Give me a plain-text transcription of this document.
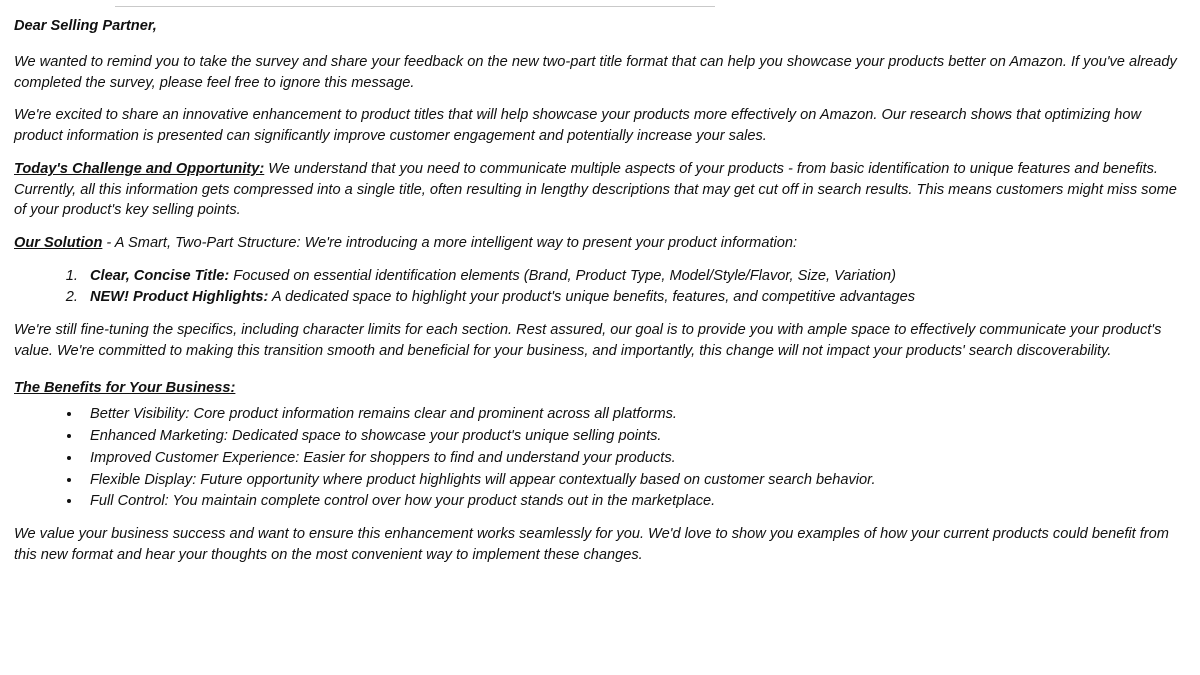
Dear Selling Partner,

We wanted to remind you to take the survey and share your feedback on the new two-part title format that can help you showcase your products better on Amazon. If you've already completed the survey, please feel free to ignore this message.

We're excited to share an innovative enhancement to product titles that will help showcase your products more effectively on Amazon. Our research shows that optimizing how product information is presented can significantly improve customer engagement and potentially increase your sales.

Today's Challenge and Opportunity: We understand that you need to communicate multiple aspects of your products - from basic identification to unique features and benefits. Currently, all this information gets compressed into a single title, often resulting in lengthy descriptions that may get cut off in search results. This means customers might miss some of your product's key selling points.

Our Solution - A Smart, Two-Part Structure: We're introducing a more intelligent way to present your product information:

1. Clear, Concise Title: Focused on essential identification elements (Brand, Product Type, Model/Style/Flavor, Size, Variation)
2. NEW! Product Highlights: A dedicated space to highlight your product's unique benefits, features, and competitive advantages

We're still fine-tuning the specifics, including character limits for each section. Rest assured, our goal is to provide you with ample space to effectively communicate your product's value. We're committed to making this transition smooth and beneficial for your business, and importantly, this change will not impact your products' search discoverability.

The Benefits for Your Business:

• Better Visibility: Core product information remains clear and prominent across all platforms.
• Enhanced Marketing: Dedicated space to showcase your product's unique selling points.
• Improved Customer Experience: Easier for shoppers to find and understand your products.
• Flexible Display: Future opportunity where product highlights will appear contextually based on customer search behavior.
• Full Control: You maintain complete control over how your product stands out in the marketplace.

We value your business success and want to ensure this enhancement works seamlessly for you. We'd love to show you examples of how your current products could benefit from this new format and hear your thoughts on the most convenient way to implement these changes.
